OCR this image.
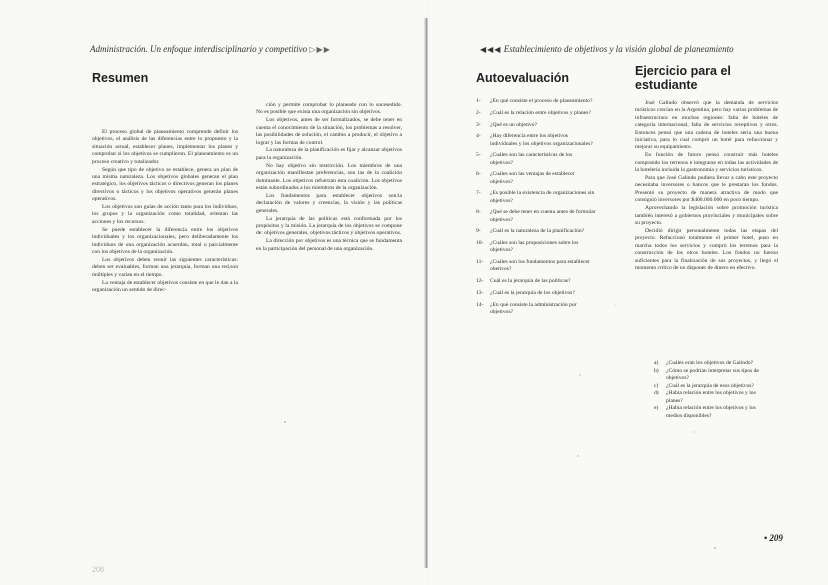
Administración. Un enfoque interdisciplinario y competitivo ▷▶▶
Resumen

El proceso global de planeamiento comprende definir los objetivos, el análisis de las diferencias entre lo propuesto y la situación actual, establecer planes, implementar los planes y comprobar si los objetivos se cumplieron. El planeamiento es un proceso creativo y totalizador.

Según que tipo de objetivo se establece, genera un plan de una misma naturaleza. Los objetivos globales generan el plan estratégico, los objetivos tácticos o directivos generan los planes directivos o tácticos y los objetivos operativos generán planes operativos.

Los objetivos son guías de acción tanto para los individuos, los grupos y la organización como totalidad, orientan las acciones y los recursos.

Se puede establecer la diferencia entre los objetivos individuales y los organizacionales, pero deliberadamente los individuos de una organización acuerdan, total o parcialmente con los objetivos de la organización.

Los objetivos deben reunir las siguientes características: deben ser evaluables, forman una jerarquía, forman una red,son múltiples y varían en el tiempo.

La ventaja de establecer objetivos consiste en que le dan a la organización un sentido de direc-

ción y permite comprobar lo planeado con lo sucesedido. No es posible que exista una organización sin objetivos.

Los objetivos, antes de ser formalizados, se debe tener en cuenta el conocimiento de la situación, los problemas a resolver, las posibilidades de solución, el cambio a producir, el objetivo a lograr y las formas de control.

La naturaleza de la planificación es fijar y alcanzar objetivos para la organización.

No hay objetivo sin restricción. Los miembros de una organización manifiestan preferencias, son las de la coalición dominante. Los objetivos refuerzan esta coalición. Los objetivos están subordinados a los miembros de la organización.

Los fundamentos para establecer objetivos son:la declaración de valores y creencias, la visión y las políticas generales.

La jerarquía de las políticas está conformada por los propósitos y la misión. La jerarquía de los objetivos se compone de: objetivos generales, objetivos tácticos y objetivos operativos.

La dirección por objetivos es una técnica que se fundamenta en la participación del personal de una organización.

208
◀◀◀ Establecimiento de objetivos y la visión global de planeamiento
Autoevaluación
1-	¿En qué consiste el proceso de planeamiento?
2-	¿Cuál es la relación entre objetivos y planes?
3-	¿Qué es un objetivo?
4-	¿Hay diferencia entre los objetivos individuales y los objetivos organizacionales?
5-	¿Cuáles son las características de los objetivos?
6-	¿Cuáles son las ventajas de establecer objetivos?
7-	¿Es posible la existencia de organizaciones sin objetivos?
8-	¿Qué se debe tener en cuenta antes de formular objetivos?
9-	¿Cuál es la naturaleza de la planificación?
10-	¿Cuáles son las proposiciones sobre los objetivos?
11-	¿Cuáles son los fundamentos para establecer obetivos?
12-	Cuál es la jerarquía de las políticas?
13-	¿Cuál es la jerarquía de los objetivos?
14-	¿En qué consiste la administración por objetivos?
Ejercicio para el estudiante

José Galindo observó que la demanda de servicios turísticos crecían en la Argentina, pero hay varios problemas de infraestructura en muchas regiones: falta de hoteles de categoría internacional, falta de servicios receptivos y otros. Entonces pensó que una cadena de hoteles sería una buena iniciativa, para lo cual compró un hotel para refaccionar y mejorar su equipamiento.

En función de futuro pensó construir más hoteles comprando los terrenos e integrarse en todas las actividades de la hotelería incluida la gastronomía y servicios turísticos.

Para que José Galindo pudiera llevar a cabo este proyecto necesitaba inversores o bancos que le prestaran los fondos. Presentó su proyecto de manera atractiva de modo que consiguió inversores por $400.000.000 en poco tiempo.

Aprovechando la legislación sobre promoción turística también interesó a gobiernos provinciales y municipales sobre su proyecto.

Decidió dirigir personalmente todas las etapas del proyecto. Refaccionó totalmente el primer hotel, puso en marcha todos los servicios y compró los terrenos para la construcción de los otros hoteles. Los fondos no fueron suficientes para la finalización de sus proyectos, y llegó el momento crítico de no disponer de dinero en efectivo.

a)	¿Cuáles eran los objetivos de Galindo?
b)	¿Cómo se podrían interpretar sus tipos de objetivos?
c)	¿Cuál es la jerarquía de esos objetivos?
d)	¿Había relación entre los objetivos y los planes?
e)	¿Había relación entre los objetivos y los medios disponibles?
• 209
